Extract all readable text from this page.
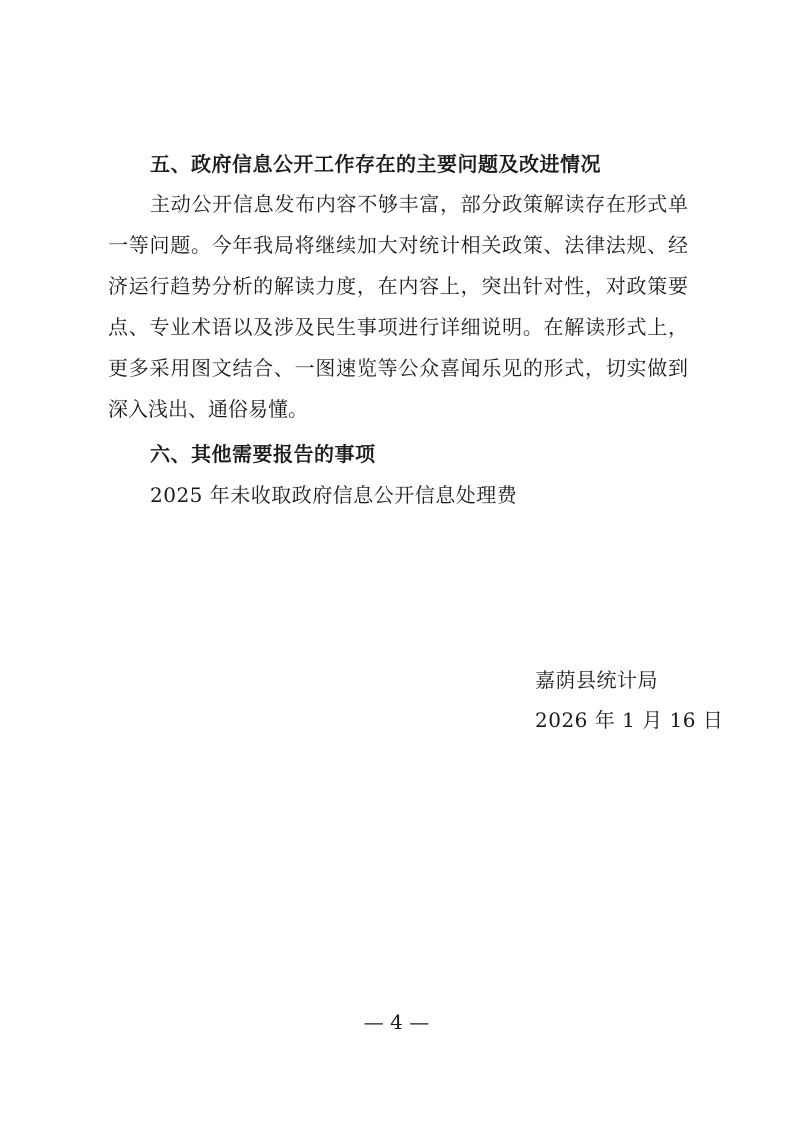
五、政府信息公开工作存在的主要问题及改进情况
主动公开信息发布内容不够丰富，部分政策解读存在形式单
一等问题。今年我局将继续加大对统计相关政策、法律法规、经
济运行趋势分析的解读力度，在内容上，突出针对性，对政策要
点、专业术语以及涉及民生事项进行详细说明。在解读形式上，
更多采用图文结合、一图速览等公众喜闻乐见的形式，切实做到
深入浅出、通俗易懂。
六、其他需要报告的事项
2025 年未收取政府信息公开信息处理费
嘉荫县统计局
2026 年 1 月 16 日
— 4 —
